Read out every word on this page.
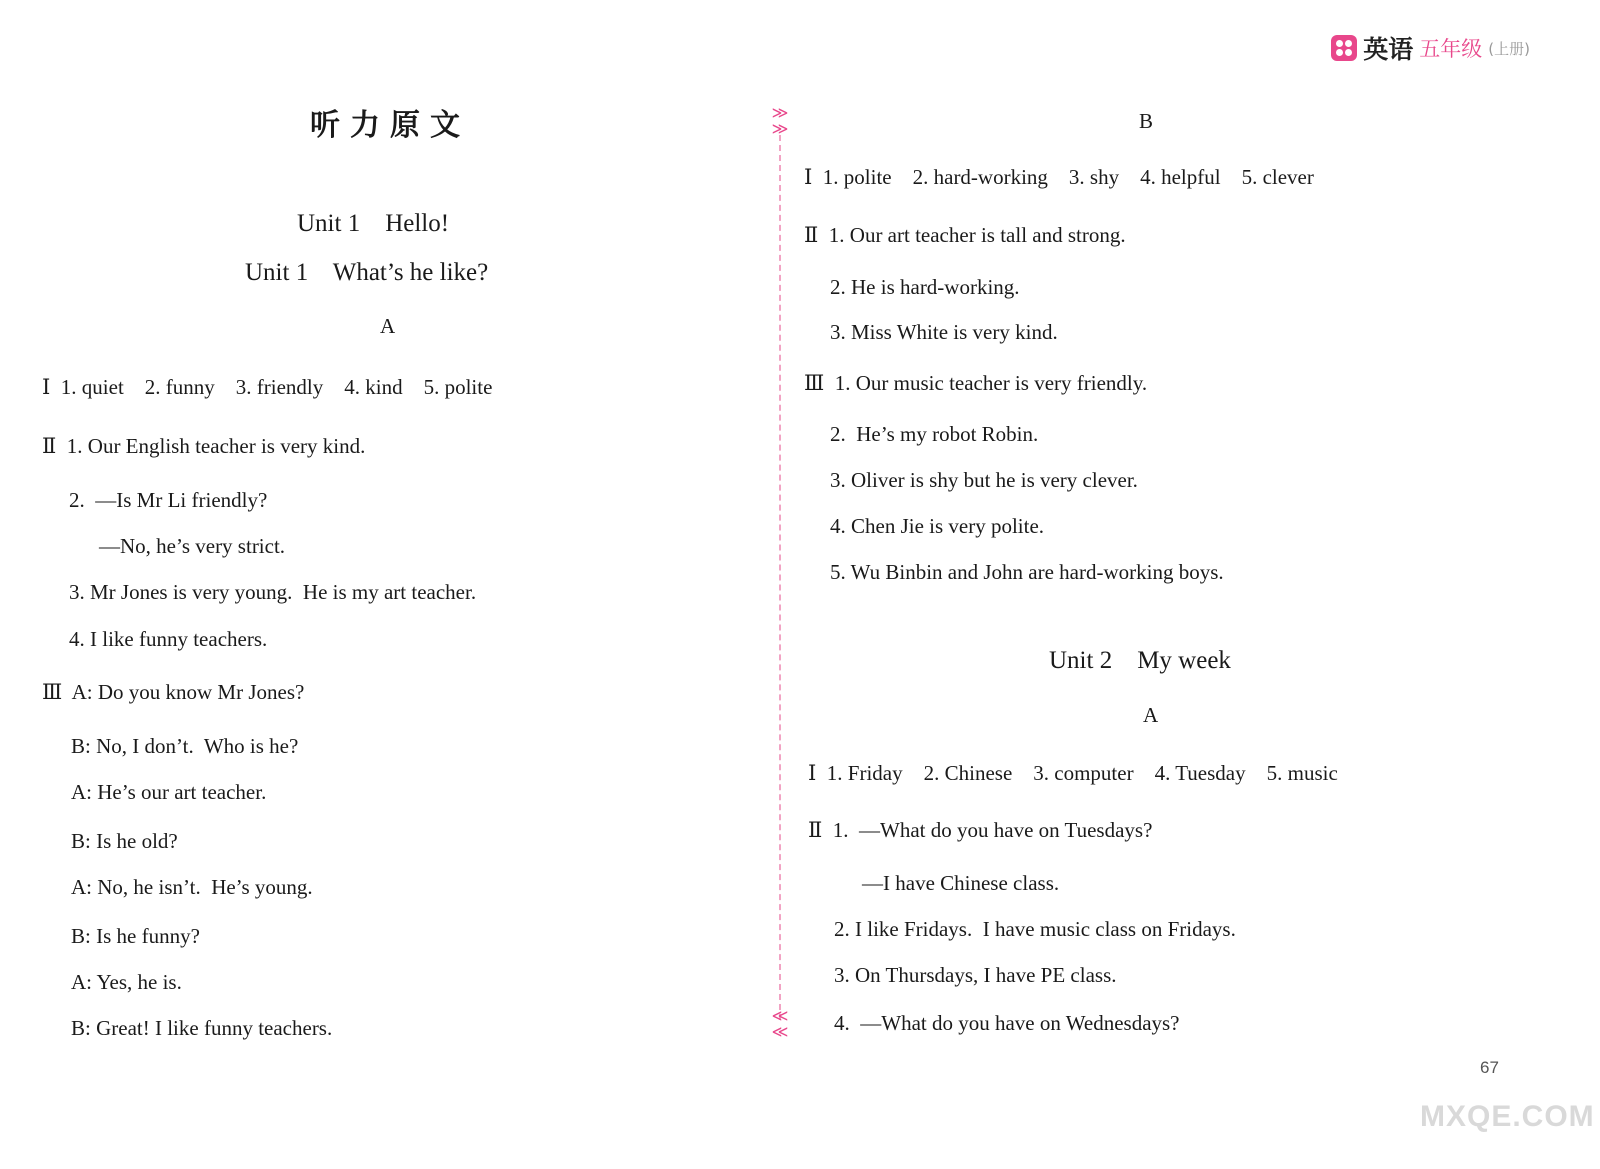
英语 五年级 (上册)
≫
≫
≪
≪
听力原文
Unit 1    Hello!
Unit 1    What’s he like?
A
Ⅰ  1. quiet    2. funny    3. friendly    4. kind    5. polite
Ⅱ  1. Our English teacher is very kind.
2.  —Is Mr Li friendly?
—No, he’s very strict.
3. Mr Jones is very young.  He is my art teacher.
4. I like funny teachers.
Ⅲ  A: Do you know Mr Jones?
B: No, I don’t.  Who is he?
A: He’s our art teacher.
B: Is he old?
A: No, he isn’t.  He’s young.
B: Is he funny?
A: Yes, he is.
B: Great! I like funny teachers.
B
Ⅰ  1. polite    2. hard-working    3. shy    4. helpful    5. clever
Ⅱ  1. Our art teacher is tall and strong.
2. He is hard-working.
3. Miss White is very kind.
Ⅲ  1. Our music teacher is very friendly.
2.  He’s my robot Robin.
3. Oliver is shy but he is very clever.
4. Chen Jie is very polite.
5. Wu Binbin and John are hard-working boys.
Unit 2    My week
A
Ⅰ  1. Friday    2. Chinese    3. computer    4. Tuesday    5. music
Ⅱ  1.  —What do you have on Tuesdays?
—I have Chinese class.
2. I like Fridays.  I have music class on Fridays.
3. On Thursdays, I have PE class.
4.  —What do you have on Wednesdays?
67
MXQE.COM
